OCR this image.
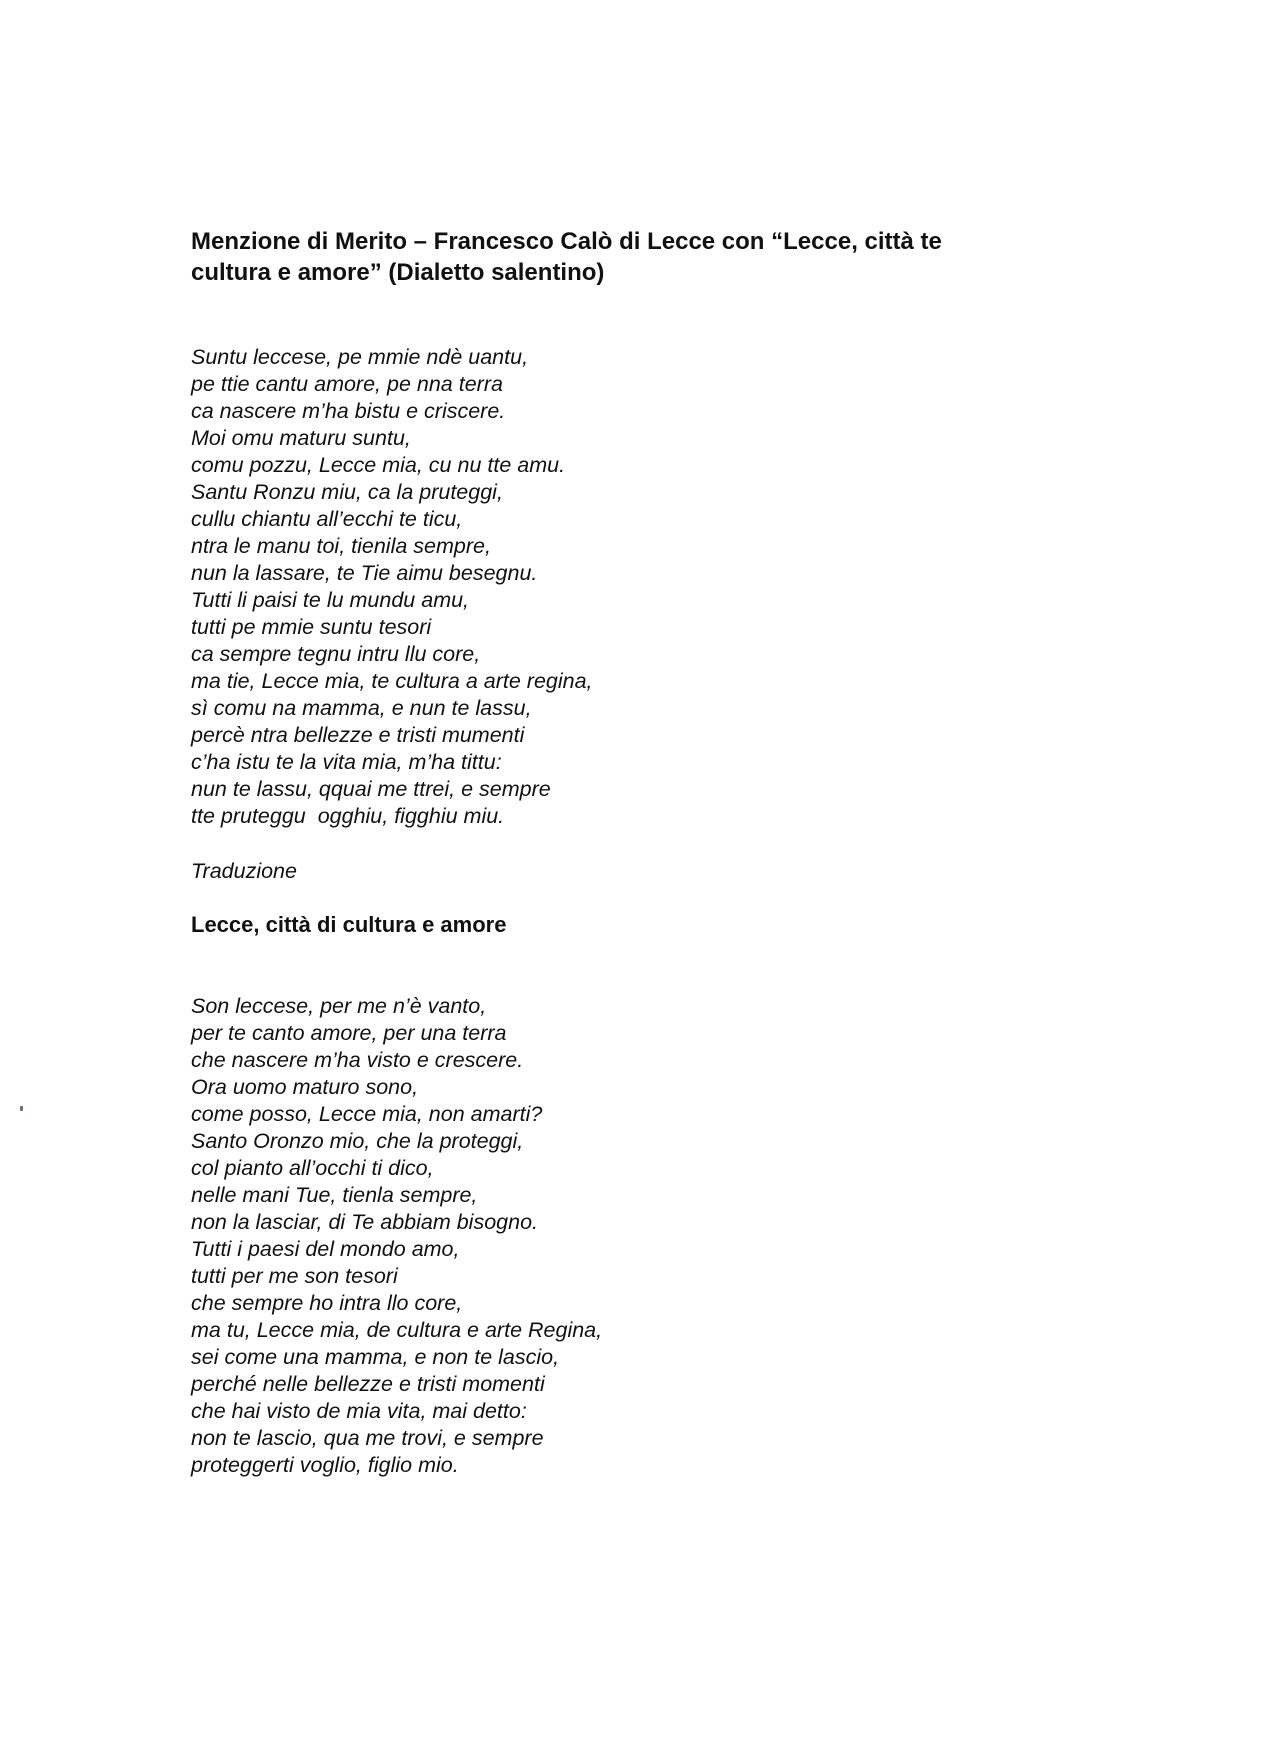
Menzione di Merito – Francesco Calò di Lecce con “Lecce, città te
cultura e amore” (Dialetto salentino)
Suntu leccese, pe mmie ndè uantu,
pe ttie cantu amore, pe nna terra
ca nascere m’ha bistu e criscere.
Moi omu maturu suntu,
comu pozzu, Lecce mia, cu nu tte amu.
Santu Ronzu miu, ca la pruteggi,
cullu chiantu all’ecchi te ticu,
ntra le manu toi, tienila sempre,
nun la lassare, te Tie aimu besegnu.
Tutti li paisi te lu mundu amu,
tutti pe mmie suntu tesori
ca sempre tegnu intru llu core,
ma tie, Lecce mia, te cultura a arte regina,
sì comu na mamma, e nun te lassu,
percè ntra bellezze e tristi mumenti
c’ha istu te la vita mia, m’ha tittu:
nun te lassu, qquai me ttrei, e sempre
tte pruteggu  ogghiu, figghiu miu.

Traduzione

Lecce, città di cultura e amore
Son leccese, per me n’è vanto,
per te canto amore, per una terra
che nascere m’ha visto e crescere.
Ora uomo maturo sono,
come posso, Lecce mia, non amarti?
Santo Oronzo mio, che la proteggi,
col pianto all’occhi ti dico,
nelle mani Tue, tienla sempre,
non la lasciar, di Te abbiam bisogno.
Tutti i paesi del mondo amo,
tutti per me son tesori
che sempre ho intra llo core,
ma tu, Lecce mia, de cultura e arte Regina,
sei come una mamma, e non te lascio,
perché nelle bellezze e tristi momenti
che hai visto de mia vita, mai detto:
non te lascio, qua me trovi, e sempre
proteggerti voglio, figlio mio.
